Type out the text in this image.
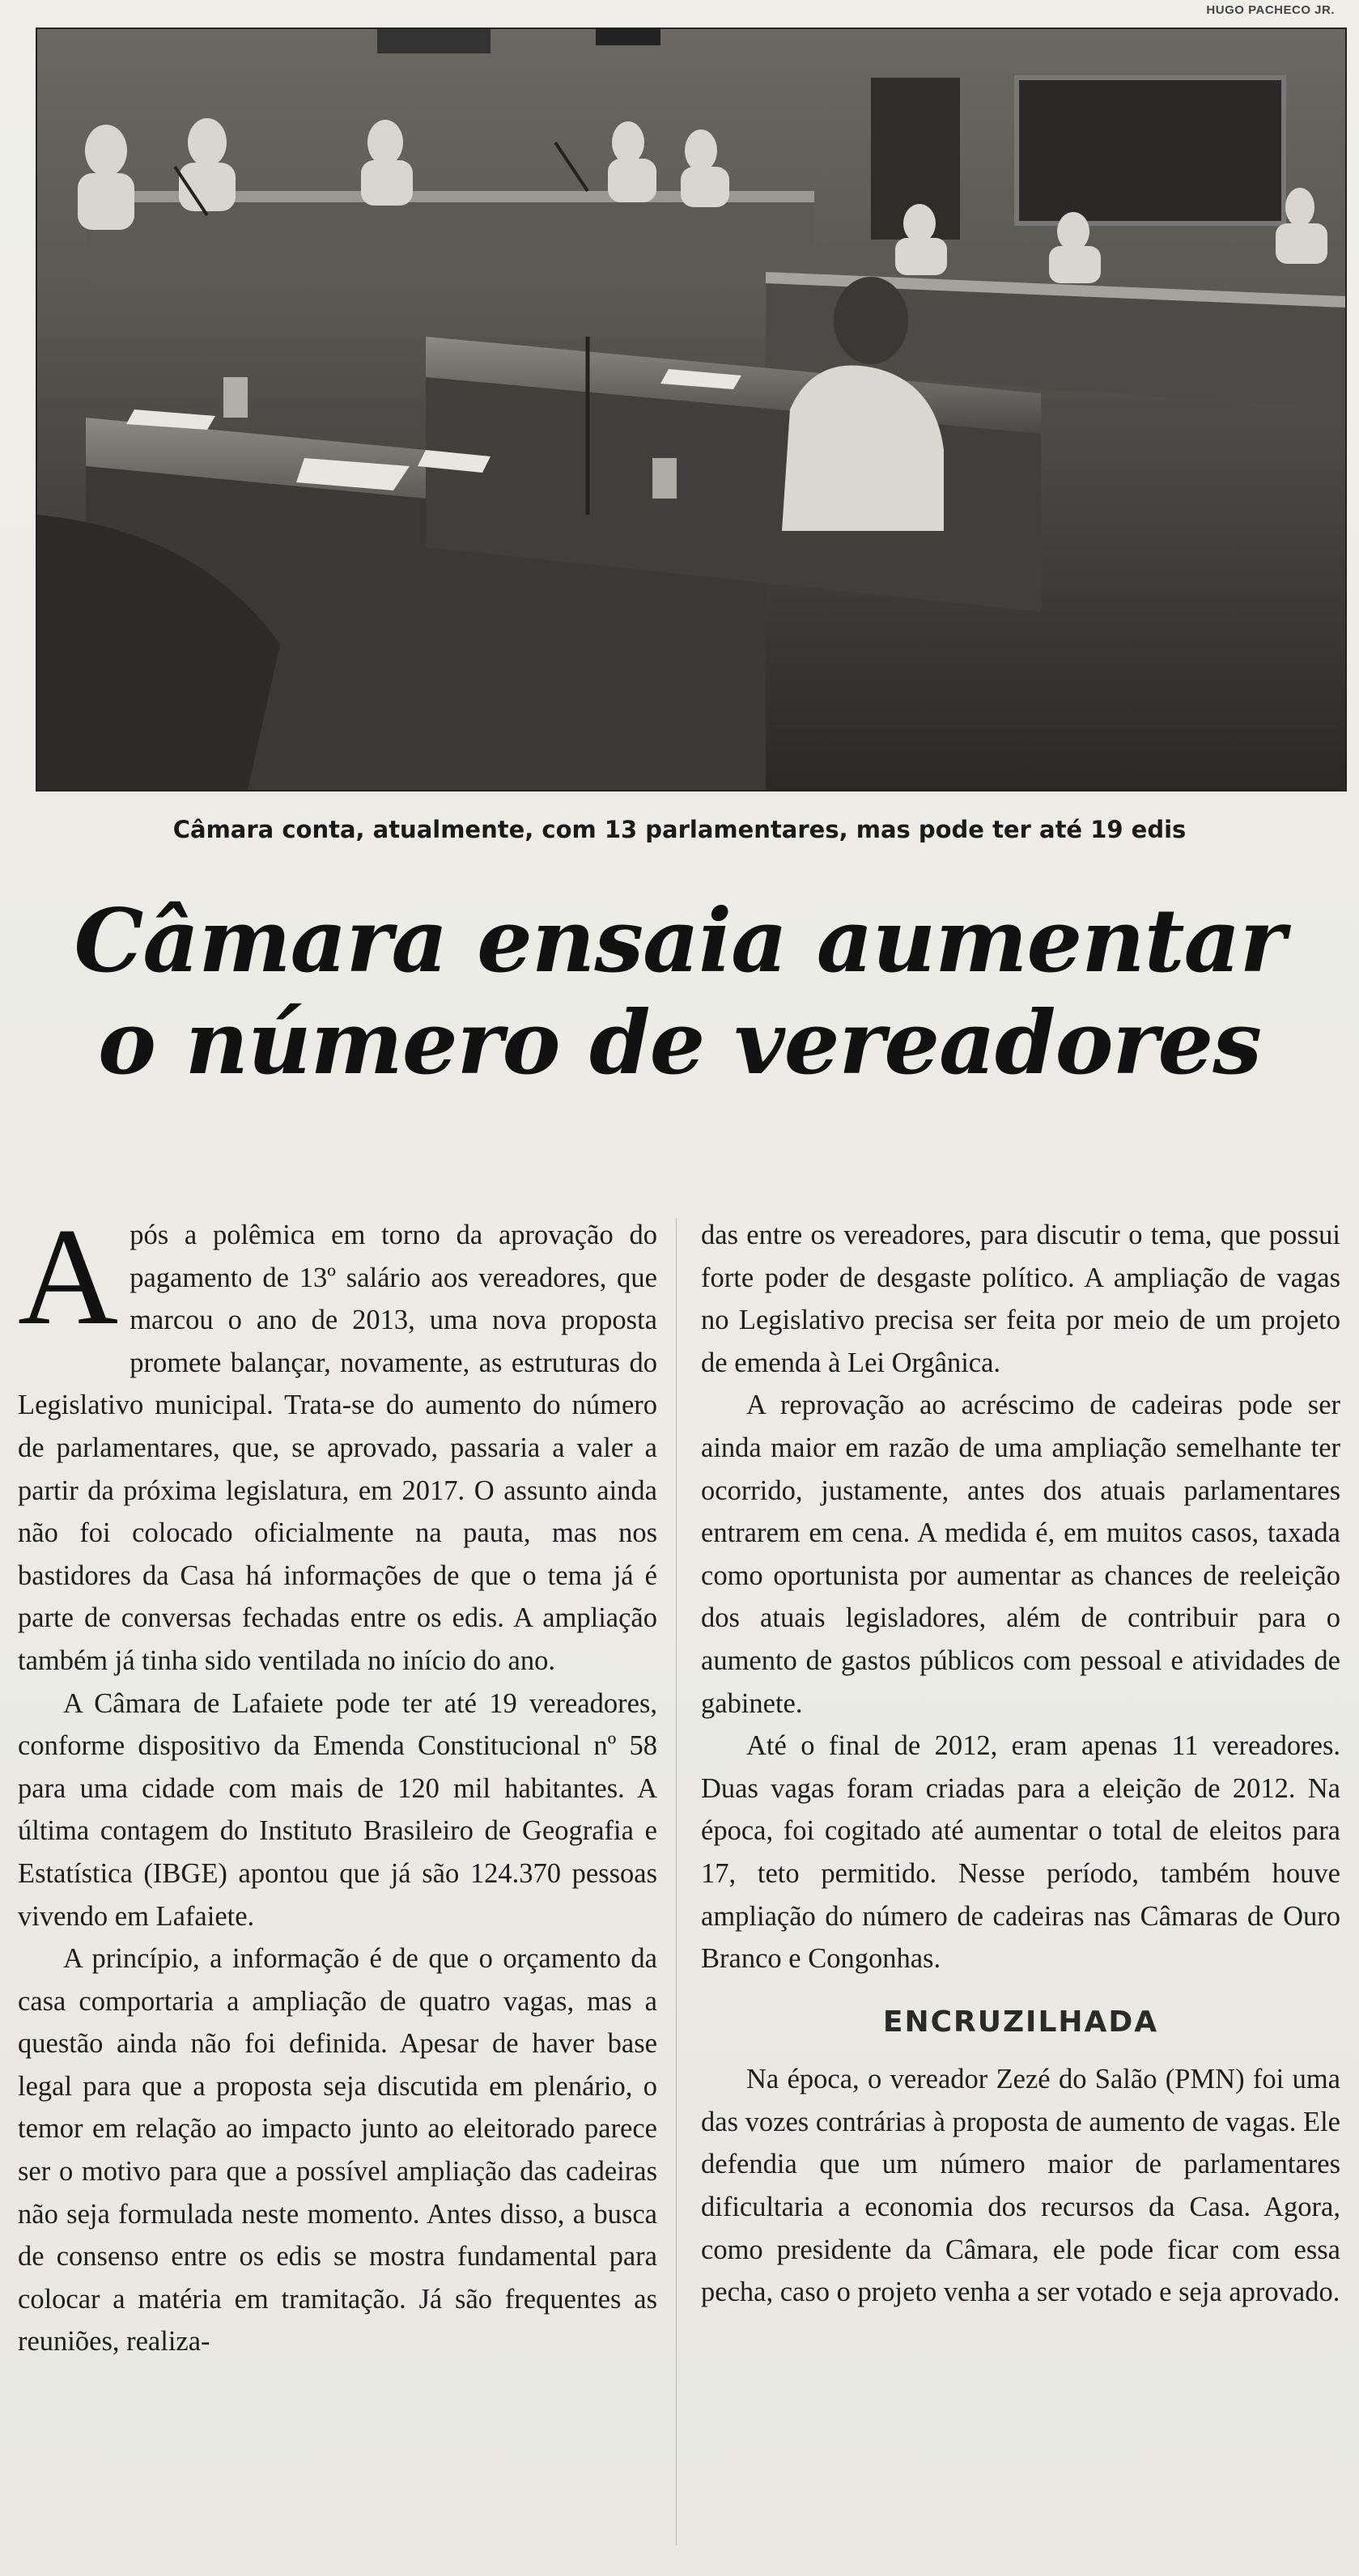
HUGO PACHECO JR.
Câmara conta, atualmente, com 13 parlamentares, mas pode ter até 19 edis
Câmara ensaia aumentar
o número de vereadores

Após a polêmica em torno da aprovação do pagamento de 13º salário aos vereadores, que marcou o ano de 2013, uma nova proposta promete balançar, novamente, as estruturas do Legislativo municipal. Trata-se do aumento do número de parlamentares, que, se aprovado, passaria a valer a partir da próxima legislatura, em 2017. O assunto ainda não foi colocado oficialmente na pauta, mas nos bastidores da Casa há informações de que o tema já é parte de conversas fechadas entre os edis. A ampliação também já tinha sido ventilada no início do ano.

A Câmara de Lafaiete pode ter até 19 vereadores, conforme dispositivo da Emenda Constitucional nº 58 para uma cidade com mais de 120 mil habitantes. A última contagem do Instituto Brasileiro de Geografia e Estatística (IBGE) apontou que já são 124.370 pessoas vivendo em Lafaiete.

A princípio, a informação é de que o orçamento da casa comportaria a ampliação de quatro vagas, mas a questão ainda não foi definida. Apesar de haver base legal para que a proposta seja discutida em plenário, o temor em relação ao impacto junto ao eleitorado parece ser o motivo para que a possível ampliação das cadeiras não seja formulada neste momento. Antes disso, a busca de consenso entre os edis se mostra fundamental para colocar a matéria em tramitação. Já são frequentes as reuniões, realiza-

das entre os vereadores, para discutir o tema, que possui forte poder de desgaste político. A ampliação de vagas no Legislativo precisa ser feita por meio de um projeto de emenda à Lei Orgânica.

A reprovação ao acréscimo de cadeiras pode ser ainda maior em razão de uma ampliação semelhante ter ocorrido, justamente, antes dos atuais parlamentares entrarem em cena. A medida é, em muitos casos, taxada como oportunista por aumentar as chances de reeleição dos atuais legisladores, além de contribuir para o aumento de gastos públicos com pessoal e atividades de gabinete.

Até o final de 2012, eram apenas 11 vereadores. Duas vagas foram criadas para a eleição de 2012. Na época, foi cogitado até aumentar o total de eleitos para 17, teto permitido. Nesse período, também houve ampliação do número de cadeiras nas Câmaras de Ouro Branco e Congonhas.

ENCRUZILHADA

Na época, o vereador Zezé do Salão (PMN) foi uma das vozes contrárias à proposta de aumento de vagas. Ele defendia que um número maior de parlamentares dificultaria a economia dos recursos da Casa. Agora, como presidente da Câmara, ele pode ficar com essa pecha, caso o projeto venha a ser votado e seja aprovado.
